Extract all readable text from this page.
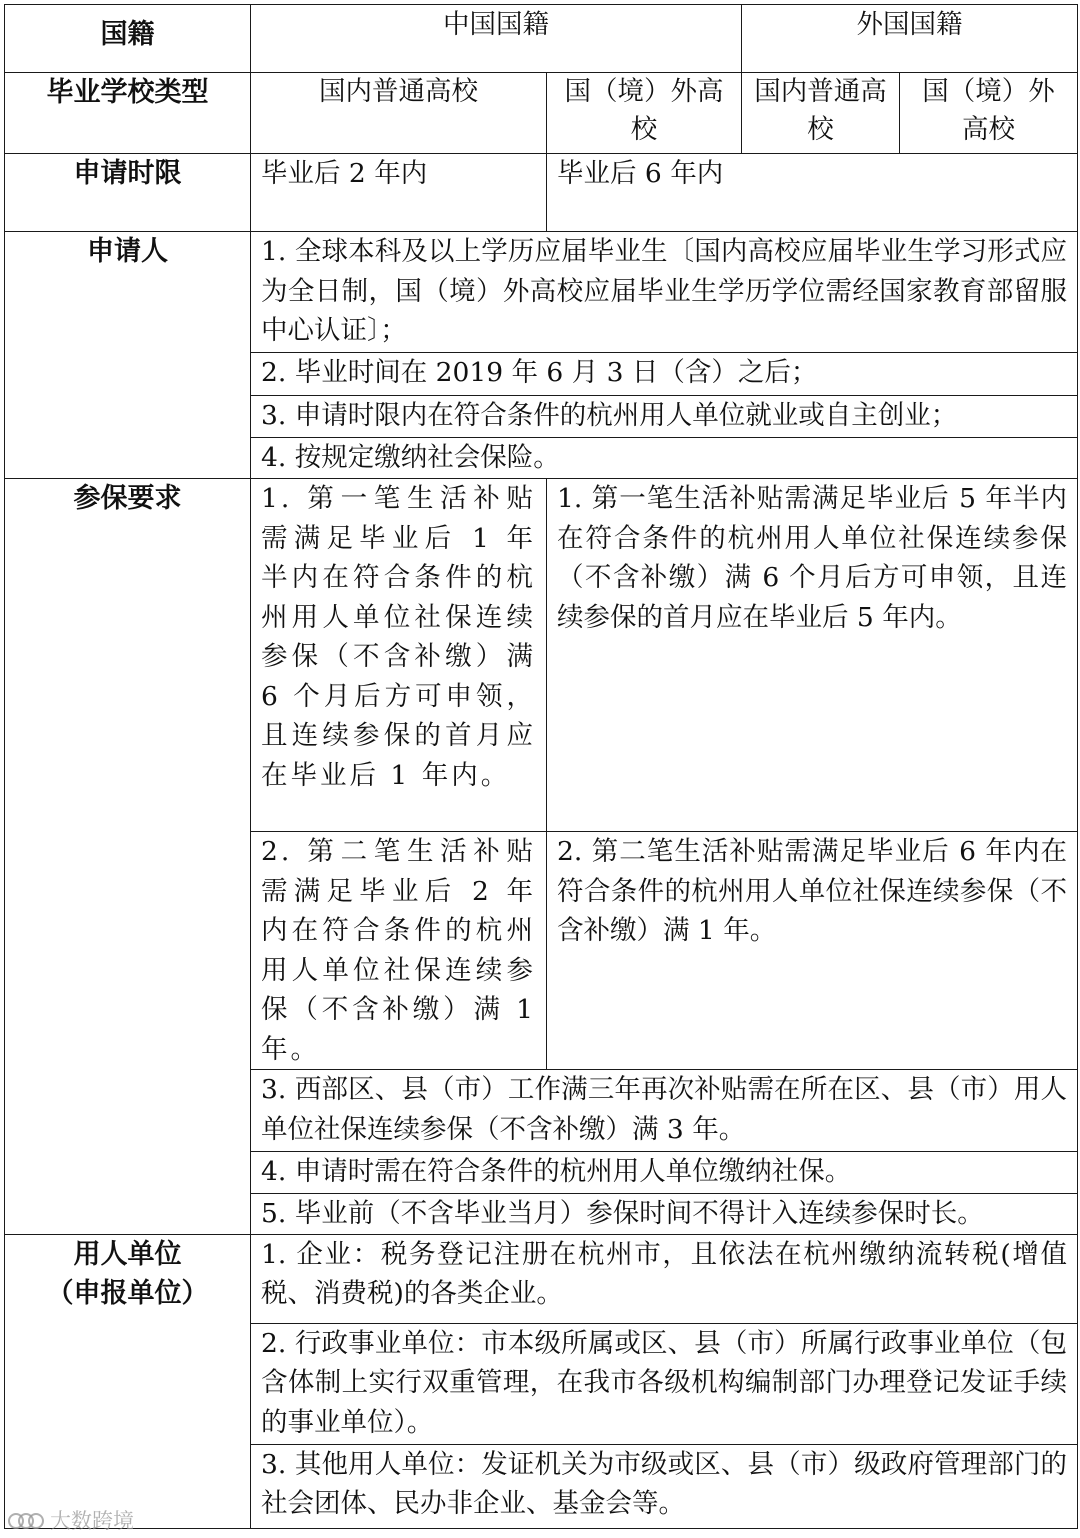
国籍	中国国籍		外国国籍	
毕业学校类型	国内普通高校	国（境）外高校	国内普通高校	国（境）外高校
申请时限	毕业后 2 年内	毕业后 6 年内		
申请人	1. 全球本科及以上学历应届毕业生〔国内高校应届毕业生学习形式应为全日制，国（境）外高校应届毕业生学历学位需经国家教育部留服中心认证〕；			
	2. 毕业时间在 2019 年 6 月 3 日（含）之后；			
	3. 申请时限内在符合条件的杭州用人单位就业或自主创业；			
	4. 按规定缴纳社会保险。			
参保要求	1. 第一笔生活补贴需满足毕业后 1 年半内在符合条件的杭州用人单位社保连续参保（不含补缴）满 6 个月后方可申领，且连续参保的首月应在毕业后 1 年内。	1. 第一笔生活补贴需满足毕业后 5 年半内在符合条件的杭州用人单位社保连续参保（不含补缴）满 6 个月后方可申领，且连续参保的首月应在毕业后 5 年内。		
	2. 第二笔生活补贴需满足毕业后 2 年内在符合条件的杭州用人单位社保连续参保（不含补缴）满 1 年。	2. 第二笔生活补贴需满足毕业后 6 年内在符合条件的杭州用人单位社保连续参保（不含补缴）满 1 年。		
	3. 西部区、县（市）工作满三年再次补贴需在所在区、县（市）用人单位社保连续参保（不含补缴）满 3 年。			
	4. 申请时需在符合条件的杭州用人单位缴纳社保。			
	5. 毕业前（不含毕业当月）参保时间不得计入连续参保时长。			

用人单位
（申报单位）	1. 企业：税务登记注册在杭州市，且依法在杭州缴纳流转税(增值税、消费税)的各类企业。			
	2. 行政事业单位：市本级所属或区、县（市）所属行政事业单位（包含体制上实行双重管理，在我市各级机构编制部门办理登记发证手续的事业单位）。			
	3. 其他用人单位：发证机关为市级或区、县（市）级政府管理部门的社会团体、民办非企业、基金会等。			
大数跨境
